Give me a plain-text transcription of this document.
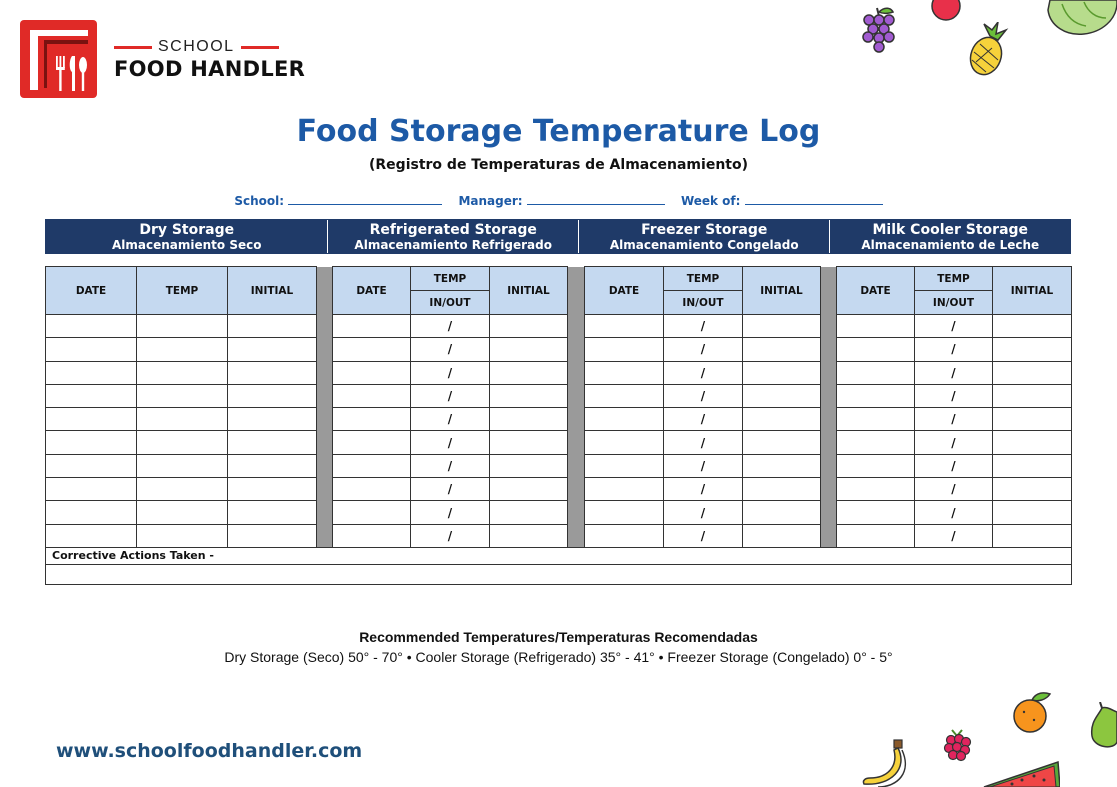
SCHOOL
FOOD HANDLER
Food Storage Temperature Log
(Registro de Temperaturas de Almacenamiento)
School:	Manager:	Week of:
Dry Storage
Almacenamiento Seco
Refrigerated Storage
Almacenamiento Refrigerado
Freezer Storage
Almacenamiento Congelado
Milk Cooler Storage
Almacenamiento de Leche
DATE	TEMP	INITIAL		DATE	TEMP	INITIAL		DATE	TEMP	INITIAL		DATE	TEMP	INITIAL
					IN/OUT				IN/OUT				IN/OUT	
					/				/				/	
					/				/				/	
					/				/				/	
					/				/				/	
					/				/				/	
					/				/				/	
					/				/				/	
					/				/				/	
					/				/				/	
					/				/				/	
Corrective Actions Taken -														

Recommended Temperatures/Temperaturas Recomendadas
Dry Storage (Seco) 50° - 70° • Cooler Storage (Refrigerado) 35° - 41° • Freezer Storage (Congelado) 0° - 5°
www.schoolfoodhandler.com
